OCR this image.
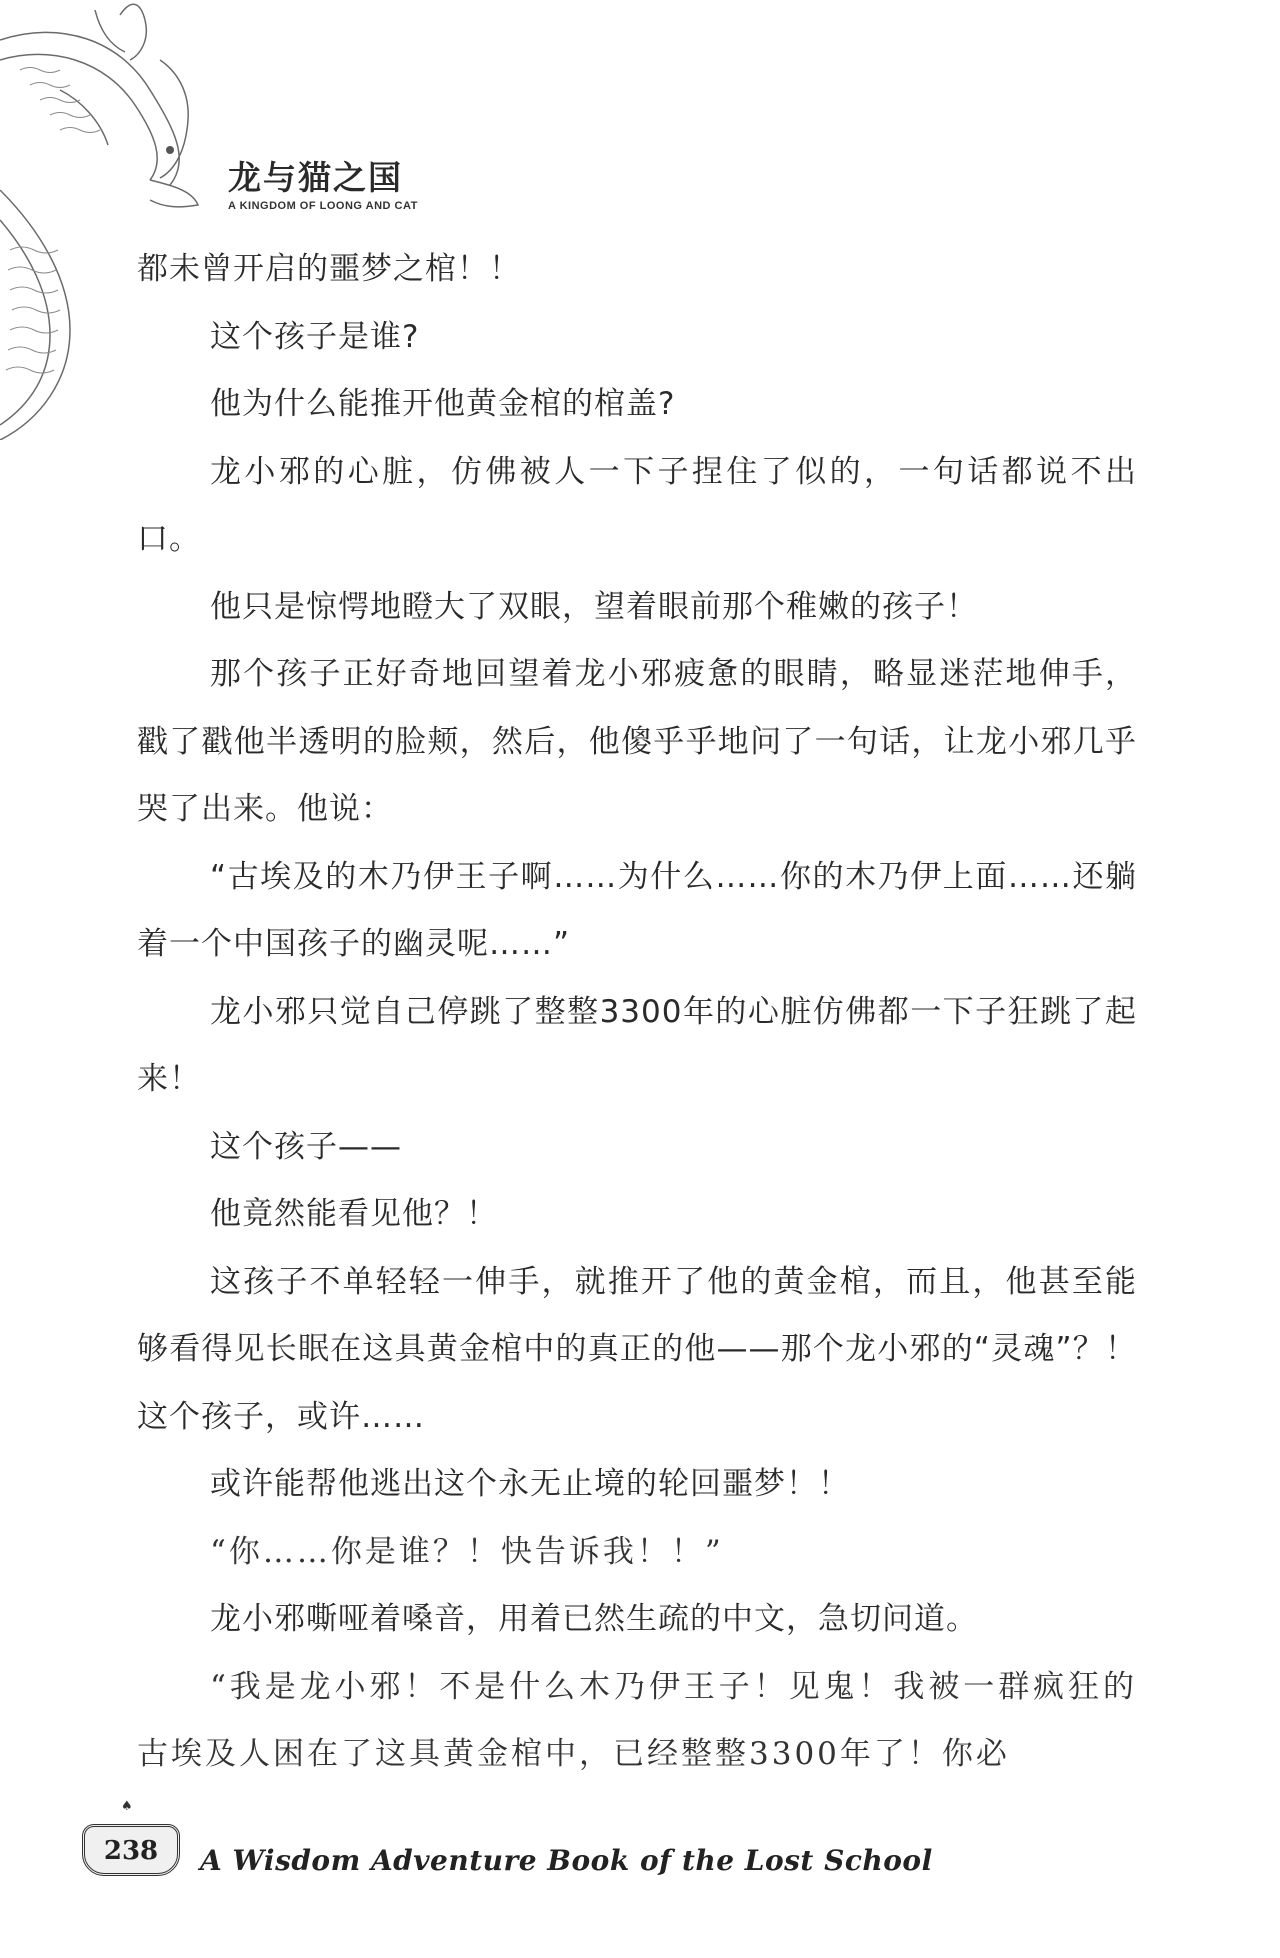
龙与猫之国
A KINGDOM OF LOONG AND CAT

都未曾开启的噩梦之棺！！

这个孩子是谁?

他为什么能推开他黄金棺的棺盖?

龙小邪的心脏，仿佛被人一下子捏住了似的，一句话都说不出口。

他只是惊愕地瞪大了双眼，望着眼前那个稚嫩的孩子！

那个孩子正好奇地回望着龙小邪疲惫的眼睛，略显迷茫地伸手，戳了戳他半透明的脸颊，然后，他傻乎乎地问了一句话，让龙小邪几乎哭了出来。他说：

“古埃及的木乃伊王子啊……为什么……你的木乃伊上面……还躺着一个中国孩子的幽灵呢……”

龙小邪只觉自己停跳了整整3300年的心脏仿佛都一下子狂跳了起来！

这个孩子——

他竟然能看见他？！

这孩子不单轻轻一伸手，就推开了他的黄金棺，而且，他甚至能够看得见长眠在这具黄金棺中的真正的他——那个龙小邪的“灵魂”？！这个孩子，或许……

或许能帮他逃出这个永无止境的轮回噩梦！！

“你……你是谁？！快告诉我！！”

龙小邪嘶哑着嗓音，用着已然生疏的中文，急切问道。

“我是龙小邪！不是什么木乃伊王子！见鬼！我被一群疯狂的古埃及人困在了这具黄金棺中，已经整整3300年了！你必

♠
238	A Wisdom Adventure Book of the Lost School
